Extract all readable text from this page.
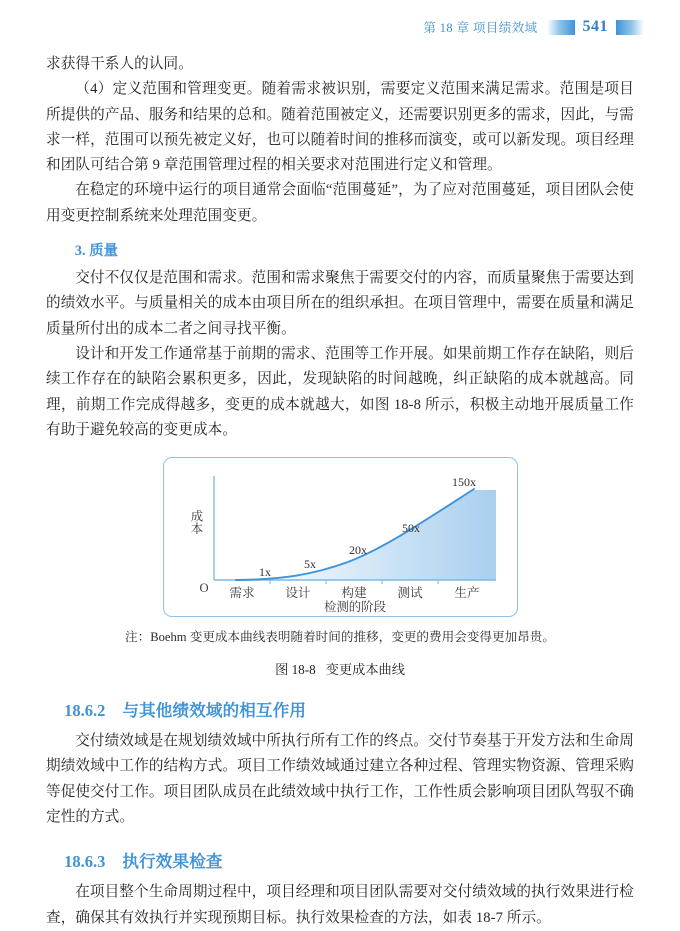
第 18 章 项目绩效域	541

求获得干系人的认同。

（4）定义范围和管理变更。随着需求被识别，需要定义范围来满足需求。范围是项目所提供的产品、服务和结果的总和。随着范围被定义，还需要识别更多的需求，因此，与需求一样，范围可以预先被定义好，也可以随着时间的推移而演变，或可以新发现。项目经理和团队可结合第 9 章范围管理过程的相关要求对范围进行定义和管理。

在稳定的环境中运行的项目通常会面临“范围蔓延”，为了应对范围蔓延，项目团队会使用变更控制系统来处理范围变更。

3. 质量

交付不仅仅是范围和需求。范围和需求聚焦于需要交付的内容，而质量聚焦于需要达到的绩效水平。与质量相关的成本由项目所在的组织承担。在项目管理中，需要在质量和满足质量所付出的成本二者之间寻找平衡。

设计和开发工作通常基于前期的需求、范围等工作开展。如果前期工作存在缺陷，则后续工作存在的缺陷会累积更多，因此，发现缺陷的时间越晚，纠正缺陷的成本就越高。同理，前期工作完成得越多，变更的成本就越大，如图 18-8 所示，积极主动地开展质量工作有助于避免较高的变更成本。

O
成本
需求 设计 构建 测试	生产
检测的阶段
1x
5x
20x
50x
150x

注：Boehm 变更成本曲线表明随着时间的推移，变更的费用会变得更加昂贵。

图 18-8 变更成本曲线

18.6.2 与其他绩效域的相互作用

交付绩效域是在规划绩效域中所执行所有工作的终点。交付节奏基于开发方法和生命周期绩效域中工作的结构方式。项目工作绩效域通过建立各种过程、管理实物资源、管理采购等促使交付工作。项目团队成员在此绩效域中执行工作，工作性质会影响项目团队驾驭不确定性的方式。

18.6.3 执行效果检查

在项目整个生命周期过程中，项目经理和项目团队需要对交付绩效域的执行效果进行检查，确保其有效执行并实现预期目标。执行效果检查的方法，如表 18-7 所示。
